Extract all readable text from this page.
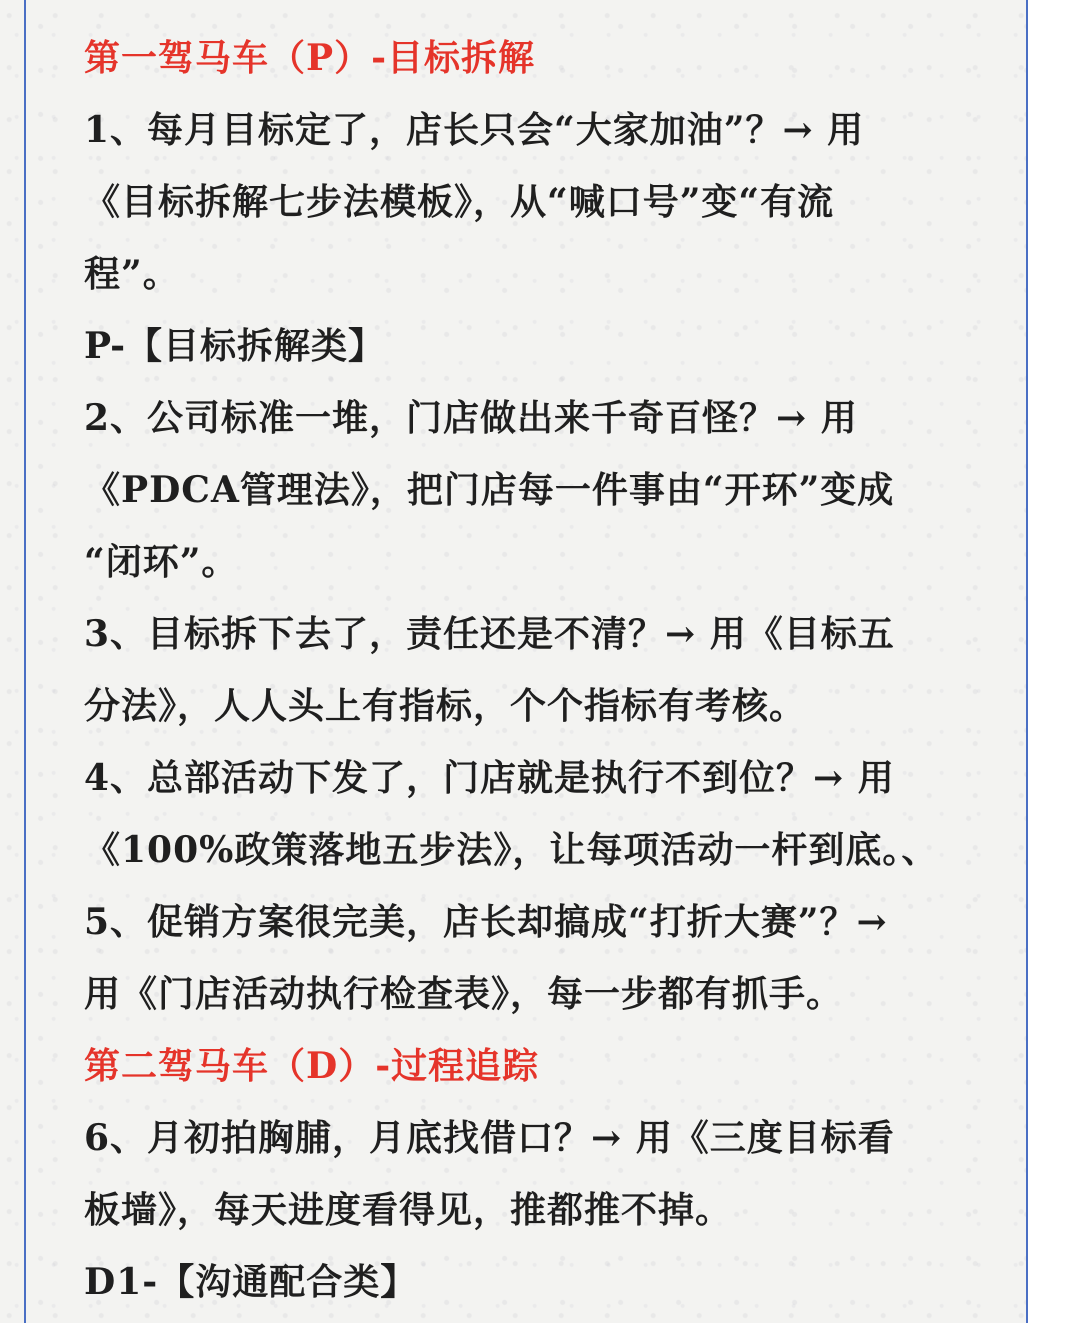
第一驾马车（P）-目标拆解
1、每月目标定了，店长只会“大家加油”？→ 用
《目标拆解七步法模板》，从“喊口号”变“有流
程”。
P-【目标拆解类】
2、公司标准一堆，门店做出来千奇百怪？→ 用
《PDCA管理法》，把门店每一件事由“开环”变成
“闭环”。
3、目标拆下去了，责任还是不清？→ 用《目标五
分法》，人人头上有指标，个个指标有考核。
4、总部活动下发了，门店就是执行不到位？→ 用
《100%政策落地五步法》，让每项活动一杆到底。、
5、促销方案很完美，店长却搞成“打折大赛”？→
用《门店活动执行检查表》，每一步都有抓手。
第二驾马车（D）-过程追踪
6、月初拍胸脯，月底找借口？→ 用《三度目标看
板墙》，每天进度看得见，推都推不掉。
D1-【沟通配合类】
